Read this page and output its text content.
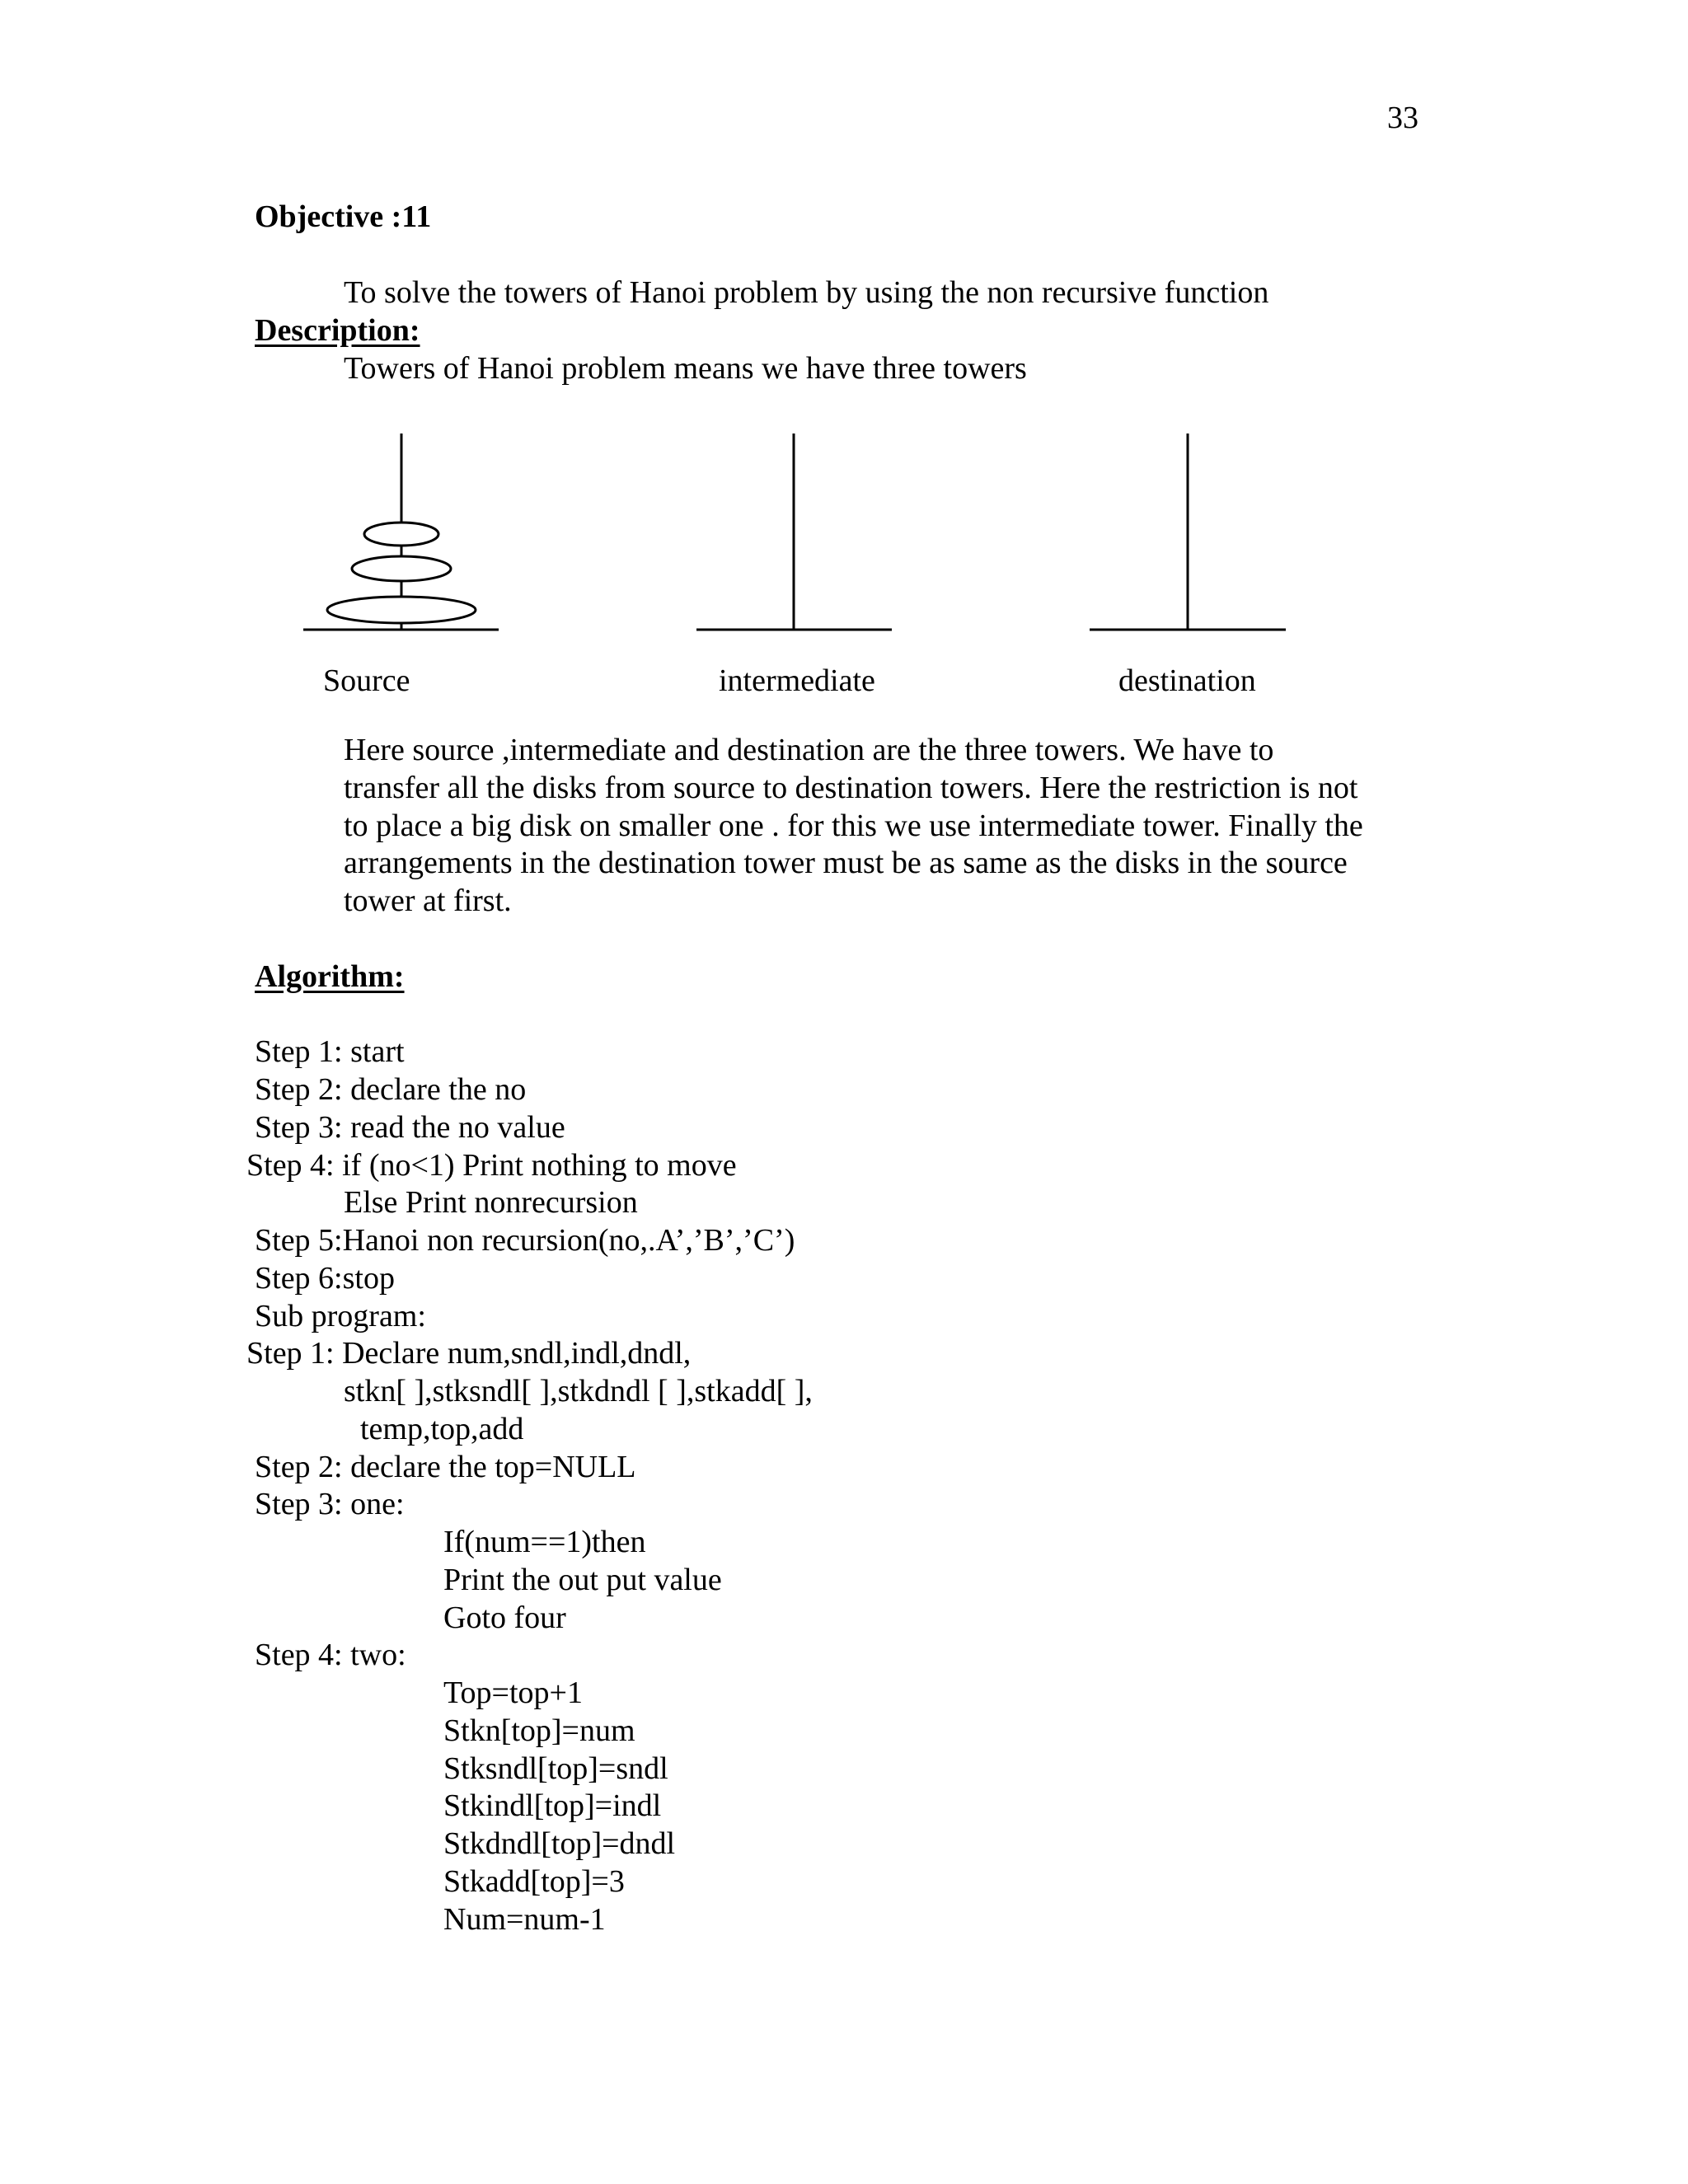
33

Objective :11

To solve the towers of Hanoi problem by using the non recursive function

Description:

Towers of Hanoi problem means we have three towers

Source	intermediate	destination

Here source ,intermediate and destination are the three towers. We have to

transfer all the disks from source to destination towers. Here the restriction is not

to place a big disk on smaller one . for this we use intermediate tower. Finally the

arrangements in the destination tower must be as same as the disks in the source

tower at first.

Algorithm:

Step 1: start

Step 2: declare the no

Step 3: read the no value

Step 4: if (no<1) Print nothing to move

Else Print nonrecursion

Step 5:Hanoi non recursion(no,.A’,’B’,’C’)

Step 6:stop

Sub program:

Step 1: Declare num,sndl,indl,dndl,

stkn[ ],stksndl[ ],stkdndl [ ],stkadd[ ],

temp,top,add

Step 2: declare the top=NULL

Step 3: one:

If(num==1)then

Print the out put value

Goto four

Step 4: two:

Top=top+1

Stkn[top]=num

Stksndl[top]=sndl

Stkindl[top]=indl

Stkdndl[top]=dndl

Stkadd[top]=3

Num=num-1
